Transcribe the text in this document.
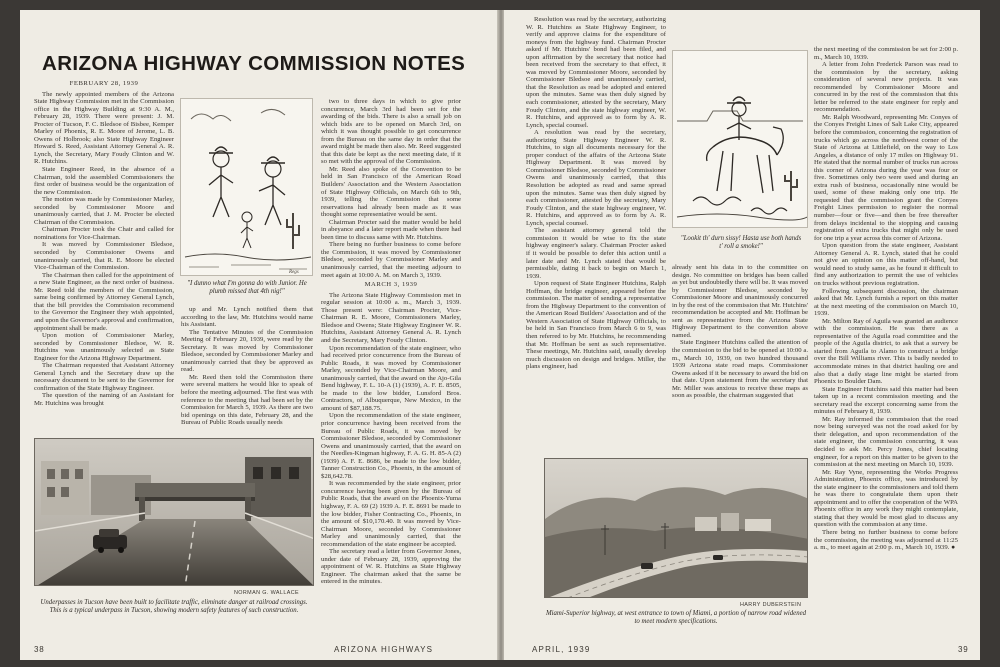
ARIZONA HIGHWAY COMMISSION NOTES

FEBRUARY 28, 1939

The newly appointed members of the Arizona State Highway Commission met in the Commission office in the Highway Building at 9:30 A. M., February 28, 1939. There were present: J. M. Procter of Tucson, F. C. Bledsoe of Bisbee, Kemper Marley of Phoenix, R. E. Moore of Jerome, L. B. Owens of Holbrook; also State Highway Engineer Howard S. Reed, Assistant Attorney General A. R. Lynch, the Secretary, Mary Foudy Clinton and W. R. Hutchins.

State Engineer Reed, in the absence of a Chairman, told the assembled Commissioners the first order of business would be the organization of the new Commission.

The motion was made by Commissioner Marley, seconded by Commissioner Moore and unanimously carried, that J. M. Procter be elected Chairman of the Commission.

Chairman Procter took the Chair and called for nominations for Vice-Chairman.

It was moved by Commissioner Bledsoe, seconded by Commissioner Owens and unanimously carried, that R. E. Moore be elected Vice-Chairman of the Commission.

The Chairman then called for the appointment of a new State Engineer, as the next order of business. Mr. Reed told the members of the Commission, same being confirmed by Attorney General Lynch, that the bill provides the Commission recommend to the Governor the Engineer they wish appointed, and upon the Governor's approval and confirmation, appointment shall be made.

Upon motion of Commissioner Marley, seconded by Commissioner Bledsoe, W. R. Hutchins was unanimously selected as State Engineer for the Arizona Highway Department.

The Chairman requested that Assistant Attorney General Lynch and the Secretary draw up the necessary document to be sent to the Governor for confirmation of the State Highway Engineer.

The question of the naming of an Assistant for Mr. Hutchins was brought

Regs
"I dunno what I'm gonna do with Junior. He plumb missed that 4th nig!"

up and Mr. Lynch notified them that according to the law, Mr. Hutchins would name his Assistant.

The Tentative Minutes of the Commission Meeting of February 20, 1939, were read by the Secretary. It was moved by Commissioner Bledsoe, seconded by Commissioner Marley and unanimously carried that they be approved as read.

Mr. Reed then told the Commission there were several matters he would like to speak of before the meeting adjourned. The first was with reference to the meeting that had been set by the Commission for March 5, 1939. As there are two bid openings on this date, February 28, and the Bureau of Public Roads usually needs

two to three days in which to give prior concurrence, March 3rd had been set for the awarding of the bids. There is also a small job on which bids are to be opened on March 3rd, on which it was thought possible to get concurrence from the Bureau on the same day in order that the award might be made then also. Mr. Reed suggested that this date be kept as the next meeting date, if it so met with the approval of the Commission.

Mr. Reed also spoke of the Convention to be held in San Francisco of the American Road Builders' Association and the Western Association of State Highway Officials, on March 6th to 9th, 1939, telling the Commission that some reservations had already been made as it was thought some representative would be sent.

Chairman Procter said the matter would be held in abeyance and a later report made when there had been time to discuss same with Mr. Hutchins.

There being no further business to come before the Commission, it was moved by Commissioner Bledsoe, seconded by Commissioner Marley and unanimously carried, that the meeting adjourn to meet again at 10:00 A. M. on March 3, 1939.

MARCH 3, 1939

The Arizona State Highway Commission met in regular session at 10:00 a. m., March 3, 1939. Those present were: Chairman Procter, Vice-Chairman R. E. Moore, Commissioners Marley, Bledsoe and Owens; State Highway Engineer W. R. Hutchins, Assistant Attorney General A. R. Lynch and the Secretary, Mary Foudy Clinton.

Upon recommendation of the state engineer, who had received prior concurrence from the Bureau of Public Roads, it was moved by Commissioner Marley, seconded by Vice-Chairman Moore, and unanimously carried, that the award on the Ajo-Gila Bend highway, F. L. 10-A (1) (1939), A. F. E. 8505, be made to the low bidder, Lunsford Bros. Contractors, of Albuquerque, New Mexico, in the amount of $87,188.75.

Upon the recommendation of the state engineer, prior concurrence having been received from the Bureau of Public Roads, it was moved by Commissioner Bledsoe, seconded by Commissioner Owens and unanimously carried, that the award on the Needles-Kingman highway, F. A. G. H. 85-A (2) (1939) A. F. E. 8686, be made to the low bidder, Tanner Construction Co., Phoenix, in the amount of $28,642.78.

It was recommended by the state engineer, prior concurrence having been given by the Bureau of Public Roads, that the award on the Phoenix-Yuma highway, F. A. 69 (2) 1939 A. F. E. 8691 be made to the low bidder, Fisher Contracting Co., Phoenix, in the amount of $10,170.40. It was moved by Vice-Chairman Moore, seconded by Commissioner Marley and unanimously carried, that the recommendation of the state engineer be accepted.

The secretary read a letter from Governor Jones, under date of February 28, 1939, approving the appointment of W. R. Hutchins as State Highway Engineer. The chairman asked that the same be entered in the minutes.

NORMAN G. WALLACE
Underpasses in Tucson have been built to facilitate traffic, eliminate danger at railroad crossings. This is a typical underpass in Tucson, showing modern safety features of such construction.
38	ARIZONA HIGHWAYS

Resolution was read by the secretary, authorizing W. R. Hutchins as State Highway Engineer, to verify and approve claims for the expenditure of moneys from the highway fund. Chairman Procter asked if Mr. Hutchins' bond had been filed, and upon affirmation by the secretary that notice had been received from the secretary to that effect, it was moved by Commissioner Moore, seconded by Commissioner Bledsoe and unanimously carried, that the Resolution as read be adopted and entered upon the minutes. Same was then duly signed by each commissioner, attested by the secretary, Mary Foudy Clinton, and the state highway engineer, W. R. Hutchins, and approved as to form by A. R. Lynch, special counsel.

A resolution was read by the secretary, authorizing State Highway Engineer W. R. Hutchins, to sign all documents necessary for the proper conduct of the affairs of the Arizona State Highway Department. It was moved by Commissioner Bledsoe, seconded by Commissioner Owens and unanimously carried, that this Resolution be adopted as read and same spread upon the minutes. Same was then duly signed by each commissioner, attested by the secretary, Mary Foudy Clinton, and the state highway engineer, W. R. Hutchins, and approved as to form by A. R. Lynch, special counsel.

The assistant attorney general told the commission it would be wise to fix the state highway engineer's salary. Chairman Procter asked if it would be possible to defer this action until a later date and Mr. Lynch stated that would be permissible, dating it back to begin on March 1, 1939.

Upon request of State Engineer Hutchins, Ralph Hoffman, the bridge engineer, appeared before the commission. The matter of sending a representative from the Highway Department to the convention of the American Road Builders' Association and of the Western Association of State Highway Officials, to be held in San Francisco from March 6 to 9, was then referred to by Mr. Hutchins, he recommending that Mr. Hoffman be sent as such representative. These meetings, Mr. Hutchins said, usually develop much discussion on design and bridges. Miller, the plans engineer, had

"Lookit th' durn sissy! Hasta use both hands t' roll a smoke!"

already sent his data in to the committee on design. No committee on bridges has been called as yet but undoubtedly there will be. It was moved by Commissioner Bledsoe, seconded by Commissioner Moore and unanimously concurred in by the rest of the commission that Mr. Hutchins' recommendation be accepted and Mr. Hoffman be sent as representative from the Arizona State Highway Department to the convention above named.

State Engineer Hutchins called the attention of the commission to the bid to be opened at 10:00 a. m., March 10, 1939, on two hundred thousand 1939 Arizona state road maps. Commissioner Owens asked if it be necessary to award the bid on that date. Upon statement from the secretary that Mr. Miller was anxious to receive these maps as soon as possible, the chairman suggested that

the next meeting of the commission be set for 2:00 p. m., March 10, 1939.

A letter from John Frederick Parson was read to the commission by the secretary, asking consideration of several new projects. It was recommended by Commissioner Moore and concurred in by the rest of the commission that this letter be referred to the state engineer for reply and recommendation.

Mr. Ralph Woodward, representing Mr. Conyes of the Conyes Freight Lines of Salt Lake City, appeared before the commission, concerning the registration of trucks which go across the northwest corner of the State of Arizona at Littlefield, on the way to Los Angeles, a distance of only 17 miles on Highway 91. He stated that the normal number of trucks run across this corner of Arizona during the year was four or five. Sometimes only two were used and during an extra rush of business, occasionally nine would be used, some of these making only one trip. He requested that the commission grant the Conyes Freight Lines permission to register the normal number—four or five—and then be free thereafter from delays incidental to the stopping and causing registration of extra trucks that might only be used for one trip a year across this corner of Arizona.

Upon question from the state engineer, Assistant Attorney General A. R. Lynch, stated that he could not give an opinion on this matter off-hand, but would need to study same, as he found it difficult to find any authorization to permit the use of vehicles on trucks without previous registration.

Following subsequent discussion, the chairman asked that Mr. Lynch furnish a report on this matter at the next meeting of the commission on March 10, 1939.

Mr. Milton Ray of Aguila was granted an audience with the commission. He was there as a representative of the Aguila road committee and the people of the Aguila district, to ask that a survey be started from Aguila to Alamo to construct a bridge over the Bill Williams river. This is badly needed to accommodate mines in that district hauling ore and also that a daily stage line might be started from Phoenix to Boulder Dam.

State Engineer Hutchins said this matter had been taken up in a recent commission meeting and the secretary read the excerpt concerning same from the minutes of February 8, 1939.

Mr. Ray informed the commission that the road now being surveyed was not the road asked for by their delegation, and upon recommendation of the state engineer, the commission concurring, it was decided to ask Mr. Percy Jones, chief locating engineer, for a report on this matter to be given to the commission at the next meeting on March 10, 1939.

Mr. Ray Vyne, representing the Works Progress Administration, Phoenix office, was introduced by the state engineer to the commissioners and told them he was there to congratulate them upon their appointment and to offer the cooperation of the WPA Phoenix office in any work they might contemplate, stating that they would be most glad to discuss any question with the commission at any time.

There being no further business to come before the commission, the meeting was adjourned at 11:25 a. m., to meet again at 2:00 p. m., March 10, 1939. ●

HARRY DUBERSTEIN
Miami-Superior highway, at west entrance to town of Miami, a portion of narrow road widened to meet modern specifications.
APRIL, 1939	39
